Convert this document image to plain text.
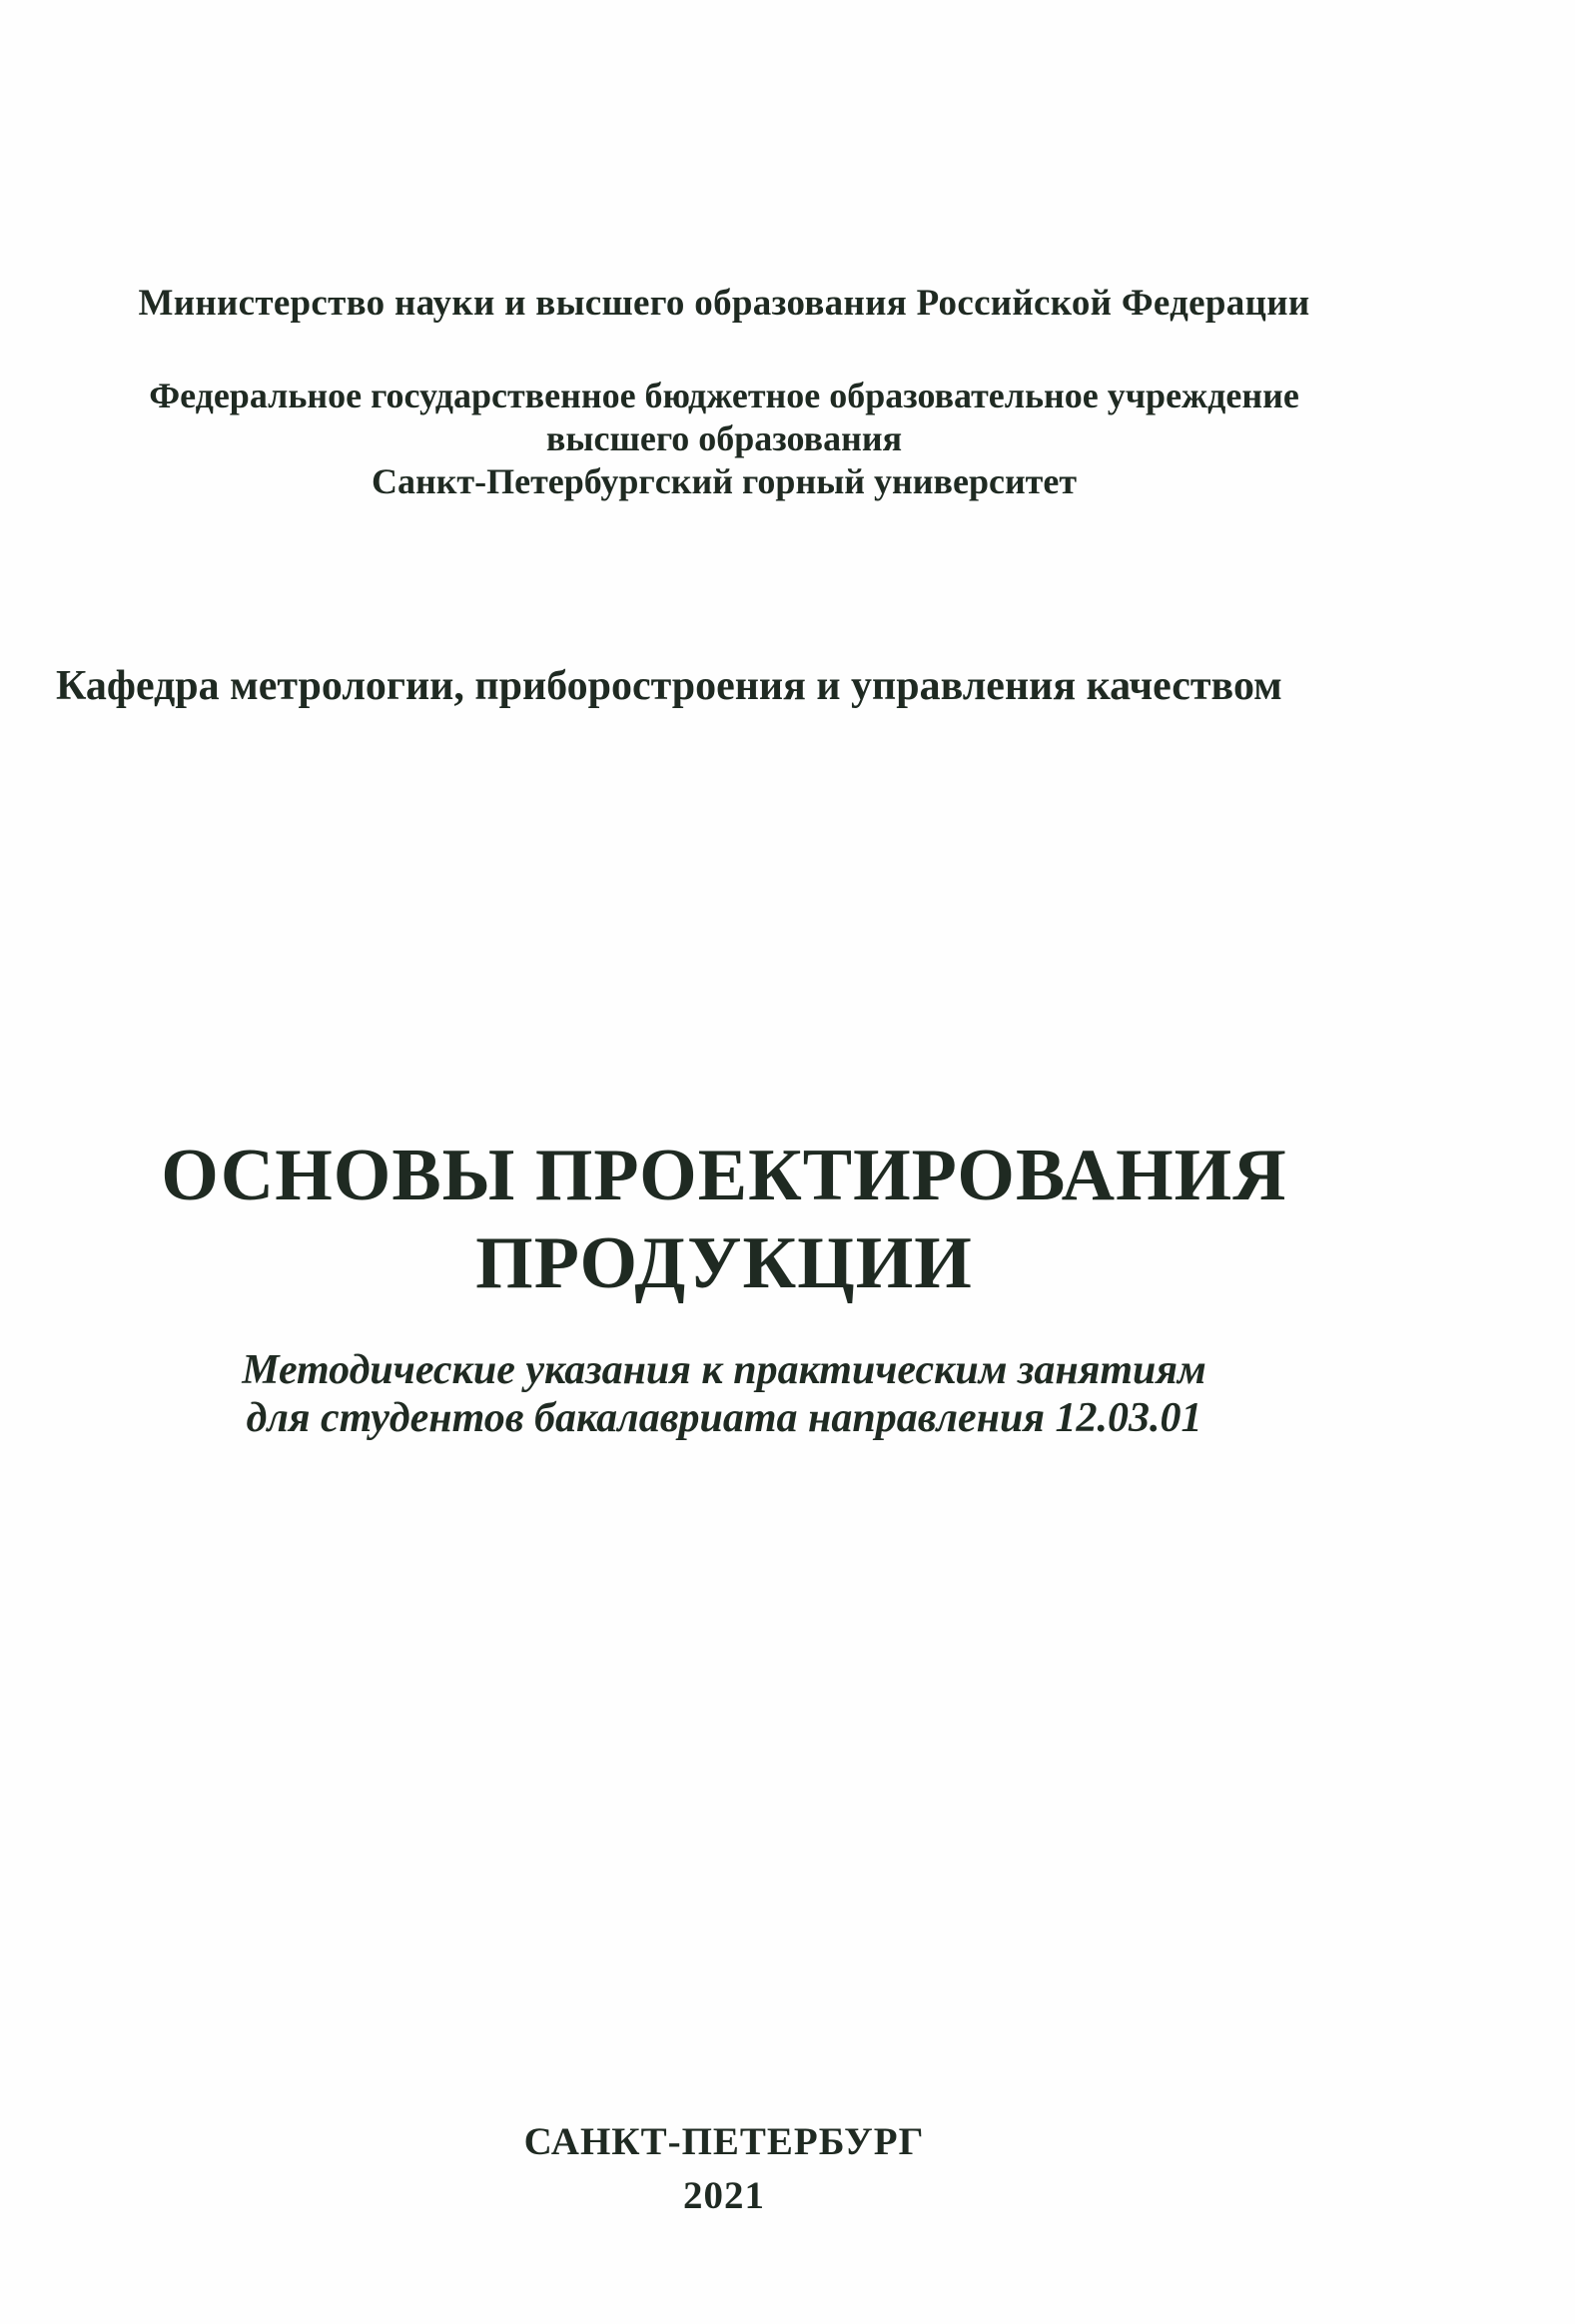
Министерство науки и высшего образования Российской Федерации
Федеральное государственное бюджетное образовательное учреждение
высшего образования
Санкт-Петербургский горный университет
Кафедра метрологии, приборостроения и управления качеством
ОСНОВЫ ПРОЕКТИРОВАНИЯ
ПРОДУКЦИИ
Методические указания к практическим занятиям
для студентов бакалавриата направления 12.03.01
САНКТ-ПЕТЕРБУРГ
2021
